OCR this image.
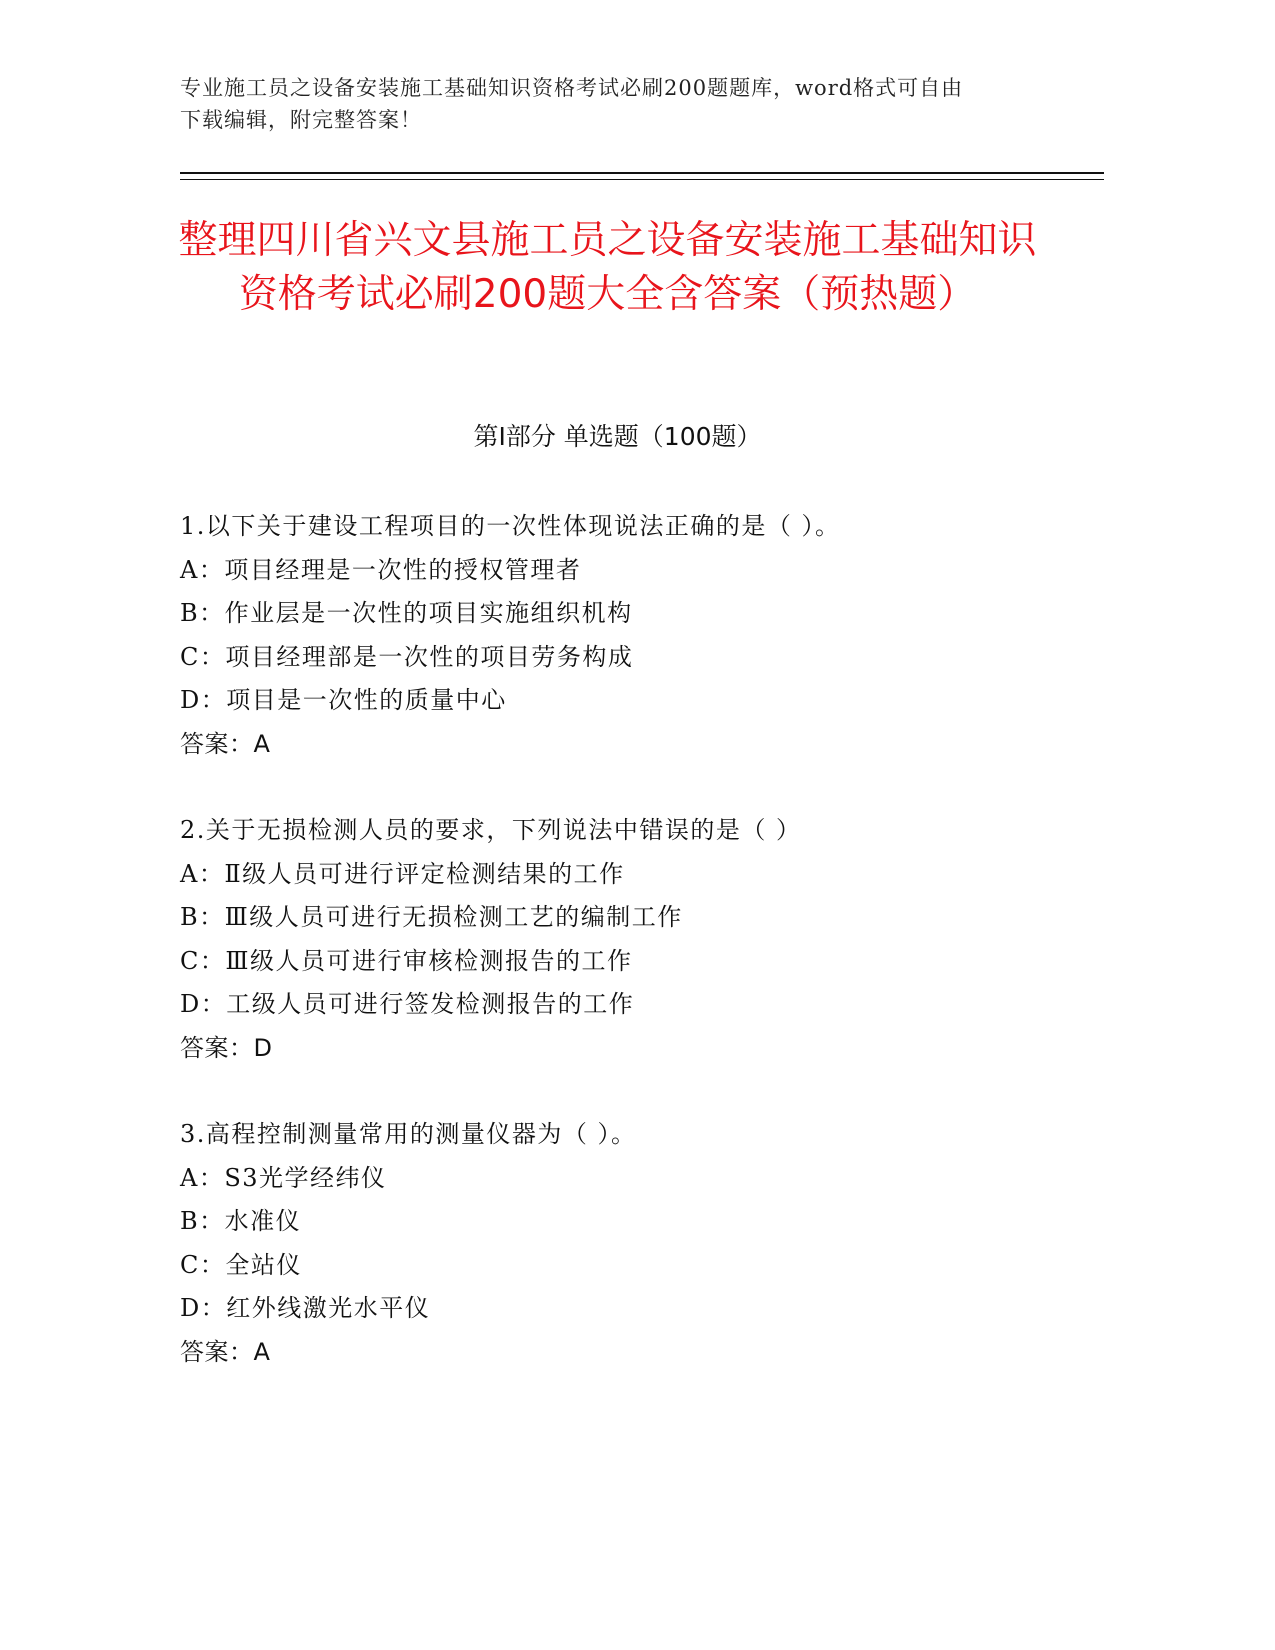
专业施工员之设备安装施工基础知识资格考试必刷200题题库，word格式可自由
下载编辑，附完整答案！
整理四川省兴文县施工员之设备安装施工基础知识资格考试必刷200题大全含答案（预热题）
第Ⅰ部分 单选题（100题）
1.以下关于建设工程项目的一次性体现说法正确的是（ ）。
A：项目经理是一次性的授权管理者
B：作业层是一次性的项目实施组织机构
C：项目经理部是一次性的项目劳务构成
D：项目是一次性的质量中心
答案：A
2.关于无损检测人员的要求，下列说法中错误的是（ ）
A：Ⅱ级人员可进行评定检测结果的工作
B：Ⅲ级人员可进行无损检测工艺的编制工作
C：Ⅲ级人员可进行审核检测报告的工作
D：工级人员可进行签发检测报告的工作
答案：D
3.高程控制测量常用的测量仪器为（ ）。
A：S3光学经纬仪
B：水准仪
C：全站仪
D：红外线激光水平仪
答案：A
